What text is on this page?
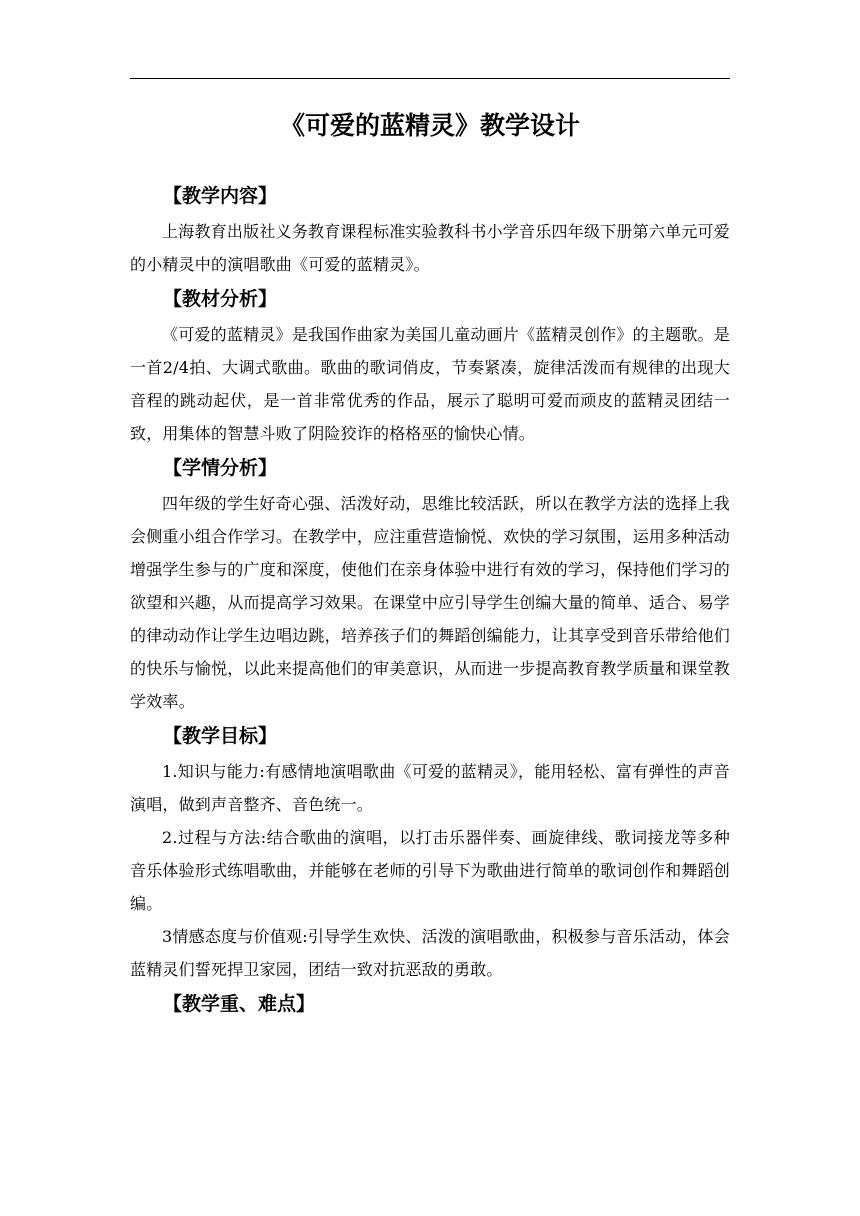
《可爱的蓝精灵》教学设计
【教学内容】

上海教育出版社义务教育课程标准实验教科书小学音乐四年级下册第六单元可爱的小精灵中的演唱歌曲《可爱的蓝精灵》。

【教材分析】

《可爱的蓝精灵》是我国作曲家为美国儿童动画片《蓝精灵创作》的主题歌。是一首2/4拍、大调式歌曲。歌曲的歌词俏皮，节奏紧凑，旋律活泼而有规律的出现大音程的跳动起伏，是一首非常优秀的作品，展示了聪明可爱而顽皮的蓝精灵团结一致，用集体的智慧斗败了阴险狡诈的格格巫的愉快心情。

【学情分析】

四年级的学生好奇心强、活泼好动，思维比较活跃，所以在教学方法的选择上我会侧重小组合作学习。在教学中，应注重营造愉悦、欢快的学习氛围，运用多种活动增强学生参与的广度和深度，使他们在亲身体验中进行有效的学习，保持他们学习的欲望和兴趣，从而提高学习效果。在课堂中应引导学生创编大量的简单、适合、易学的律动动作让学生边唱边跳，培养孩子们的舞蹈创编能力，让其享受到音乐带给他们的快乐与愉悦，以此来提高他们的审美意识，从而进一步提高教育教学质量和课堂教学效率。

【教学目标】

1.知识与能力:有感情地演唱歌曲《可爱的蓝精灵》，能用轻松、富有弹性的声音演唱，做到声音整齐、音色统一。

2.过程与方法:结合歌曲的演唱，以打击乐器伴奏、画旋律线、歌词接龙等多种音乐体验形式练唱歌曲，并能够在老师的引导下为歌曲进行简单的歌词创作和舞蹈创编。

3情感态度与价值观:引导学生欢快、活泼的演唱歌曲，积极参与音乐活动，体会蓝精灵们誓死捍卫家园，团结一致对抗恶敌的勇敢。

【教学重、难点】
